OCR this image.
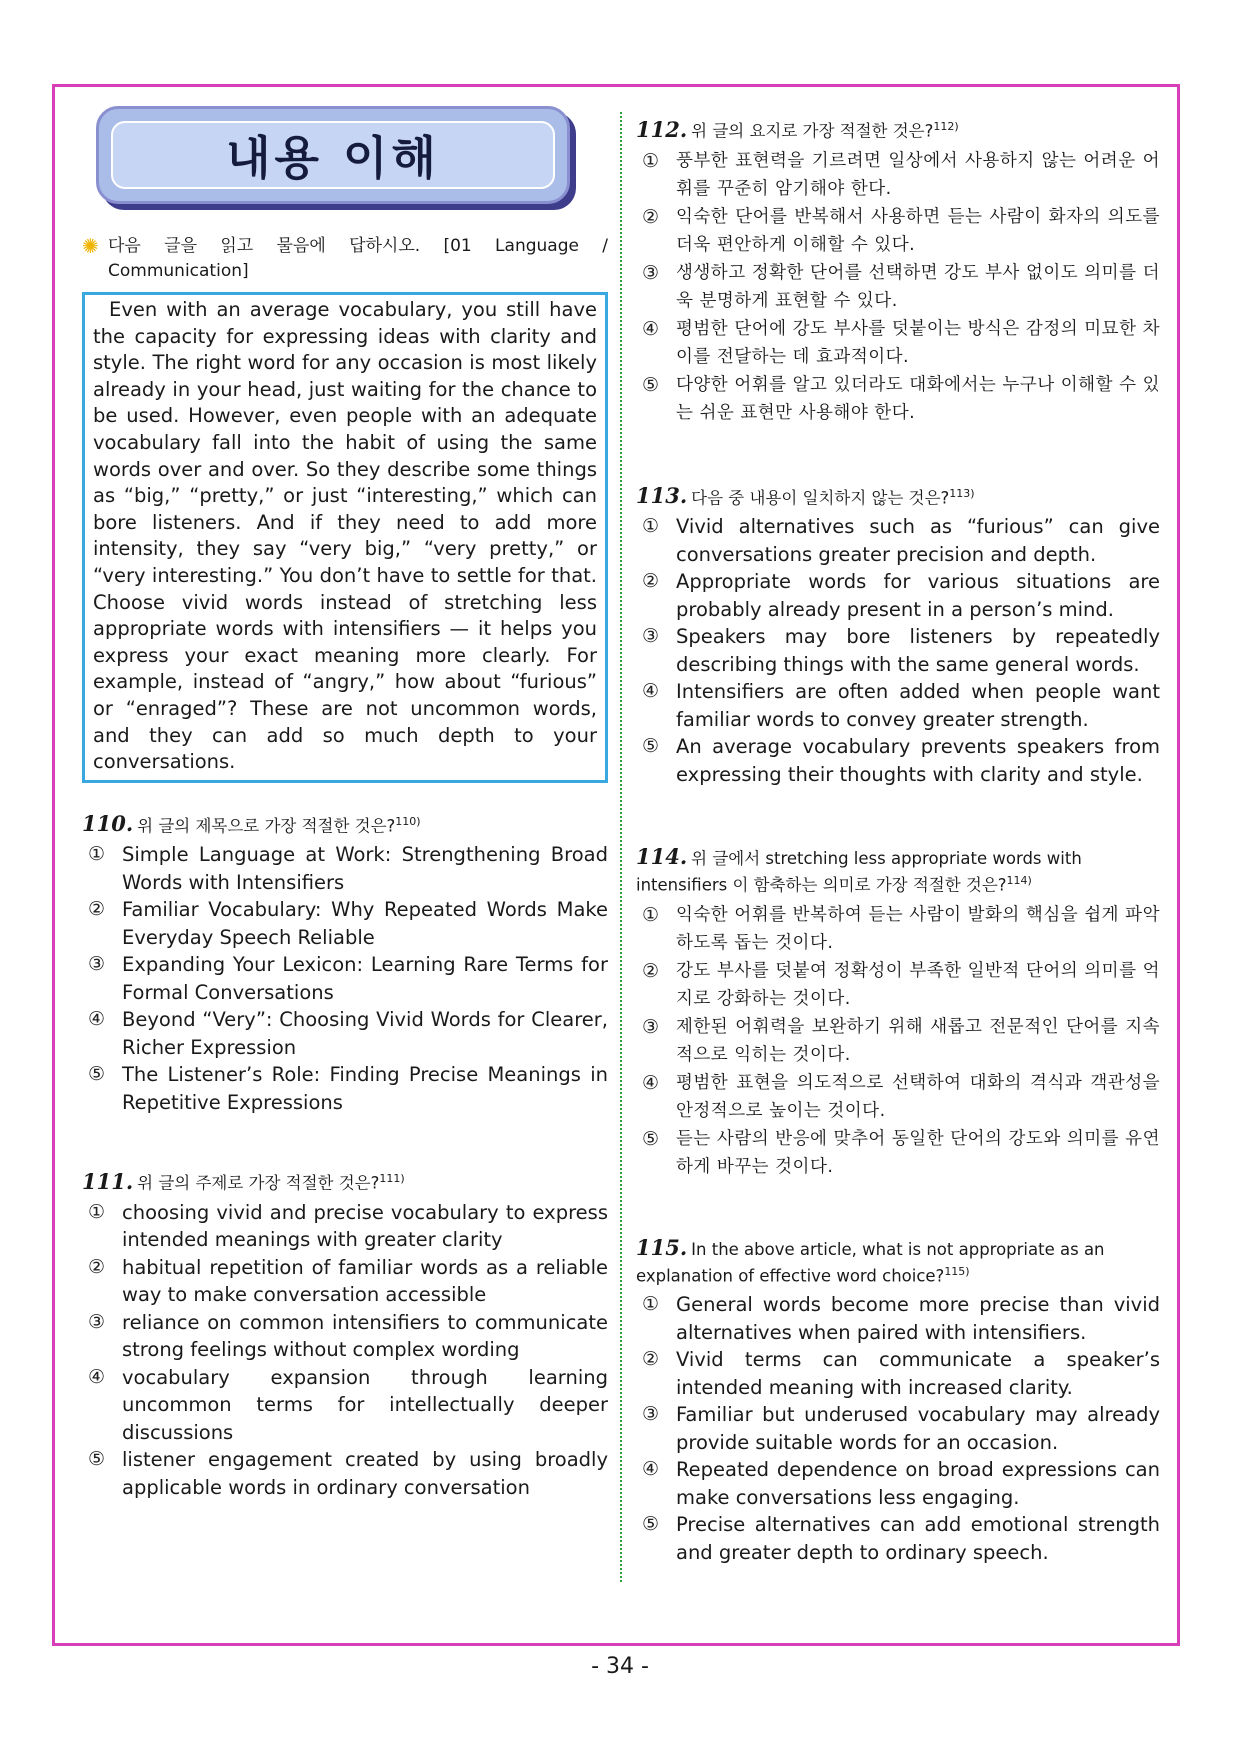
내용 이해
✺ 다음 글을 읽고 물음에 답하시오. [01 Language / Communication]
Even with an average vocabulary, you still have the capacity for expressing ideas with clarity and style. The right word for any occasion is most likely already in your head, just waiting for the chance to be used. However, even people with an adequate vocabulary fall into the habit of using the same words over and over. So they describe some things as “big,” “pretty,” or just “interesting,” which can bore listeners. And if they need to add more intensity, they say “very big,” “very pretty,” or “very interesting.” You don’t have to settle for that. Choose vivid words instead of stretching less appropriate words with intensifiers — it helps you express your exact meaning more clearly. For example, instead of “angry,” how about “furious” or “enraged”? These are not uncommon words, and they can add so much depth to your conversations.
110. 위 글의 제목으로 가장 적절한 것은?$^{110)}$
① Simple Language at Work: Strengthening Broad Words with Intensifiers
② Familiar Vocabulary: Why Repeated Words Make Everyday Speech Reliable
③ Expanding Your Lexicon: Learning Rare Terms for Formal Conversations
④ Beyond “Very”: Choosing Vivid Words for Clearer, Richer Expression
⑤ The Listener’s Role: Finding Precise Meanings in Repetitive Expressions
111. 위 글의 주제로 가장 적절한 것은?$^{111)}$
① choosing vivid and precise vocabulary to express intended meanings with greater clarity
② habitual repetition of familiar words as a reliable way to make conversation accessible
③ reliance on common intensifiers to communicate strong feelings without complex wording
④ vocabulary expansion through learning uncommon terms for intellectually deeper discussions
⑤ listener engagement created by using broadly applicable words in ordinary conversation
112. 위 글의 요지로 가장 적절한 것은?$^{112)}$
① 풍부한 표현력을 기르려면 일상에서 사용하지 않는 어려운 어휘를 꾸준히 암기해야 한다.
② 익숙한 단어를 반복해서 사용하면 듣는 사람이 화자의 의도를 더욱 편안하게 이해할 수 있다.
③ 생생하고 정확한 단어를 선택하면 강도 부사 없이도 의미를 더욱 분명하게 표현할 수 있다.
④ 평범한 단어에 강도 부사를 덧붙이는 방식은 감정의 미묘한 차이를 전달하는 데 효과적이다.
⑤ 다양한 어휘를 알고 있더라도 대화에서는 누구나 이해할 수 있는 쉬운 표현만 사용해야 한다.
113. 다음 중 내용이 일치하지 않는 것은?$^{113)}$
① Vivid alternatives such as “furious” can give conversations greater precision and depth.
② Appropriate words for various situations are probably already present in a person’s mind.
③ Speakers may bore listeners by repeatedly describing things with the same general words.
④ Intensifiers are often added when people want familiar words to convey greater strength.
⑤ An average vocabulary prevents speakers from expressing their thoughts with clarity and style.
114. 위 글에서 stretching less appropriate words with intensifiers 이 함축하는 의미로 가장 적절한 것은?$^{114)}$
① 익숙한 어휘를 반복하여 듣는 사람이 발화의 핵심을 쉽게 파악하도록 돕는 것이다.
② 강도 부사를 덧붙여 정확성이 부족한 일반적 단어의 의미를 억지로 강화하는 것이다.
③ 제한된 어휘력을 보완하기 위해 새롭고 전문적인 단어를 지속적으로 익히는 것이다.
④ 평범한 표현을 의도적으로 선택하여 대화의 격식과 객관성을 안정적으로 높이는 것이다.
⑤ 듣는 사람의 반응에 맞추어 동일한 단어의 강도와 의미를 유연하게 바꾸는 것이다.
115. In the above article, what is not appropriate as an explanation of effective word choice?$^{115)}$
① General words become more precise than vivid alternatives when paired with intensifiers.
② Vivid terms can communicate a speaker’s intended meaning with increased clarity.
③ Familiar but underused vocabulary may already provide suitable words for an occasion.
④ Repeated dependence on broad expressions can make conversations less engaging.
⑤ Precise alternatives can add emotional strength and greater depth to ordinary speech.
- 34 -
